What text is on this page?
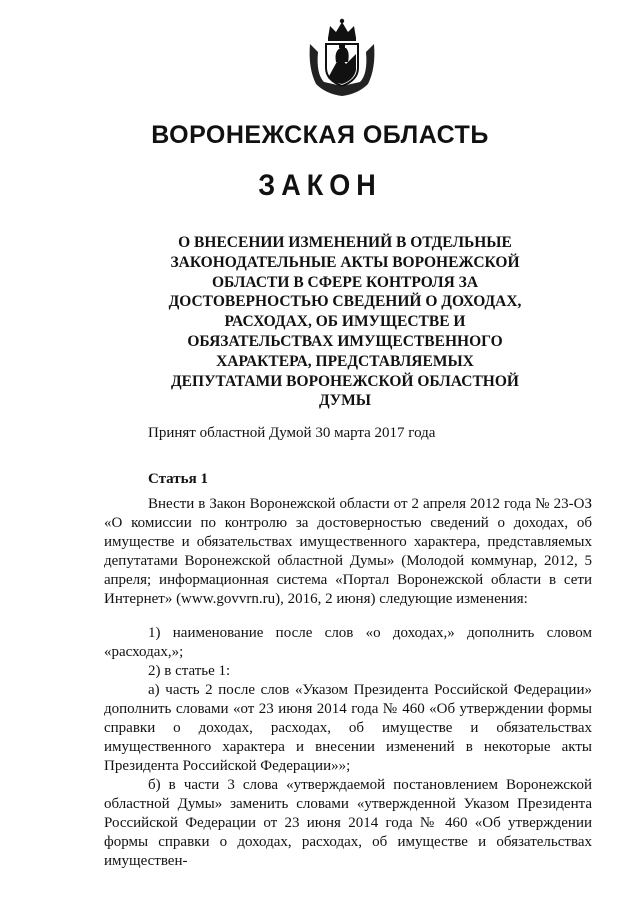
ВОРОНЕЖСКАЯ ОБЛАСТЬ
ЗАКОН

О ВНЕСЕНИИ ИЗМЕНЕНИЙ В ОТДЕЛЬНЫЕ ЗАКОНОДАТЕЛЬНЫЕ АКТЫ ВОРОНЕЖСКОЙ ОБЛАСТИ В СФЕРЕ КОНТРОЛЯ ЗА ДОСТОВЕРНОСТЬЮ СВЕДЕНИЙ О ДОХОДАХ, РАСХОДАХ, ОБ ИМУЩЕСТВЕ И ОБЯЗАТЕЛЬСТВАХ ИМУЩЕСТВЕННОГО ХАРАКТЕРА, ПРЕДСТАВЛЯЕМЫХ ДЕПУТАТАМИ ВОРОНЕЖСКОЙ ОБЛАСТНОЙ ДУМЫ

Принят областной Думой 30 марта 2017 года

Статья 1

Внести в Закон Воронежской области от 2 апреля 2012 года № 23-ОЗ «О комиссии по контролю за достоверностью сведений о доходах, об имуществе и обязательствах имущественного характера, представляемых депутатами Воронежской областной Думы» (Молодой коммунар, 2012, 5 апреля; информационная система «Портал Воронежской области в сети Интернет» (www.govvrn.ru), 2016, 2 июня) следующие изменения:

1) наименование после слов «о доходах,» дополнить словом «расходах,»;

2) в статье 1:

а) часть 2 после слов «Указом Президента Российской Федерации» дополнить словами «от 23 июня 2014 года № 460 «Об утверждении формы справки о доходах, расходах, об имуществе и обязательствах имущественного характера и внесении изменений в некоторые акты Президента Российской Федерации»»;

б) в части 3 слова «утверждаемой постановлением Воронежской областной Думы» заменить словами «утвержденной Указом Президента Российской Федерации от 23 июня 2014 года № 460 «Об утверждении формы справки о доходах, расходах, об имуществе и обязательствах имуществен-
